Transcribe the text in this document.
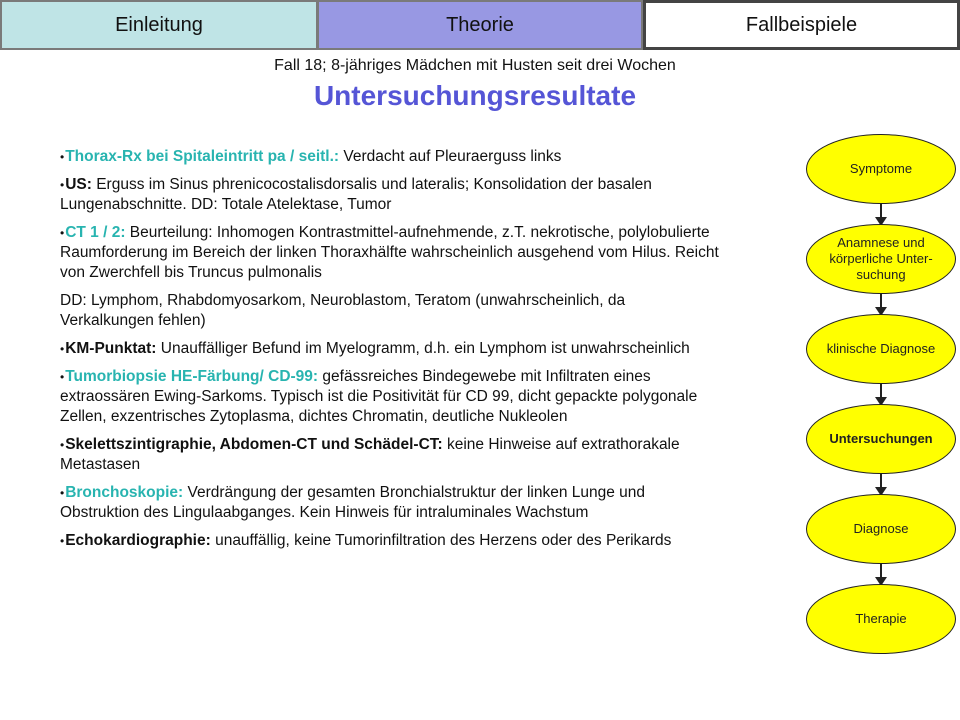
Einleitung	Theorie	Fallbeispiele
Fall 18; 8-jähriges Mädchen mit Husten seit drei Wochen
Untersuchungsresultate

•Thorax-Rx bei Spitaleintritt pa / seitl.: Verdacht auf Pleuraerguss links

•US: Erguss im Sinus phrenicocostalisdorsalis und lateralis; Konsolidation der basalen Lungenabschnitte. DD: Totale Atelektase, Tumor

•CT 1 / 2: Beurteilung: Inhomogen Kontrastmittel-aufnehmende, z.T. nekrotische, polylobulierte Raumforderung im Bereich der linken Thoraxhälfte wahrscheinlich ausgehend vom Hilus. Reicht von Zwerchfell bis Truncus pulmonalis

DD: Lymphom, Rhabdomyosarkom, Neuroblastom, Teratom (unwahrscheinlich, da Verkalkungen fehlen)

•KM-Punktat: Unauffälliger Befund im Myelogramm, d.h. ein Lymphom ist unwahrscheinlich

•Tumorbiopsie HE-Färbung/ CD-99: gefässreiches Bindegewebe mit Infiltraten eines extraossären Ewing-Sarkoms. Typisch ist die Positivität für CD 99, dicht gepackte polygonale Zellen, exzentrisches Zytoplasma, dichtes Chromatin, deutliche Nukleolen

•Skelettszintigraphie, Abdomen-CT und Schädel-CT: keine Hinweise auf extrathorakale Metastasen

•Bronchoskopie: Verdrängung der gesamten Bronchialstruktur der linken Lunge und Obstruktion des Lingulaabganges. Kein Hinweis für intraluminales Wachstum

•Echokardiographie: unauffällig, keine Tumorinfiltration des Herzens oder des Perikards

Symptome
Anamnese und körperliche Unter-suchung
klinische Diagnose
Untersuchungen
Diagnose
Therapie
